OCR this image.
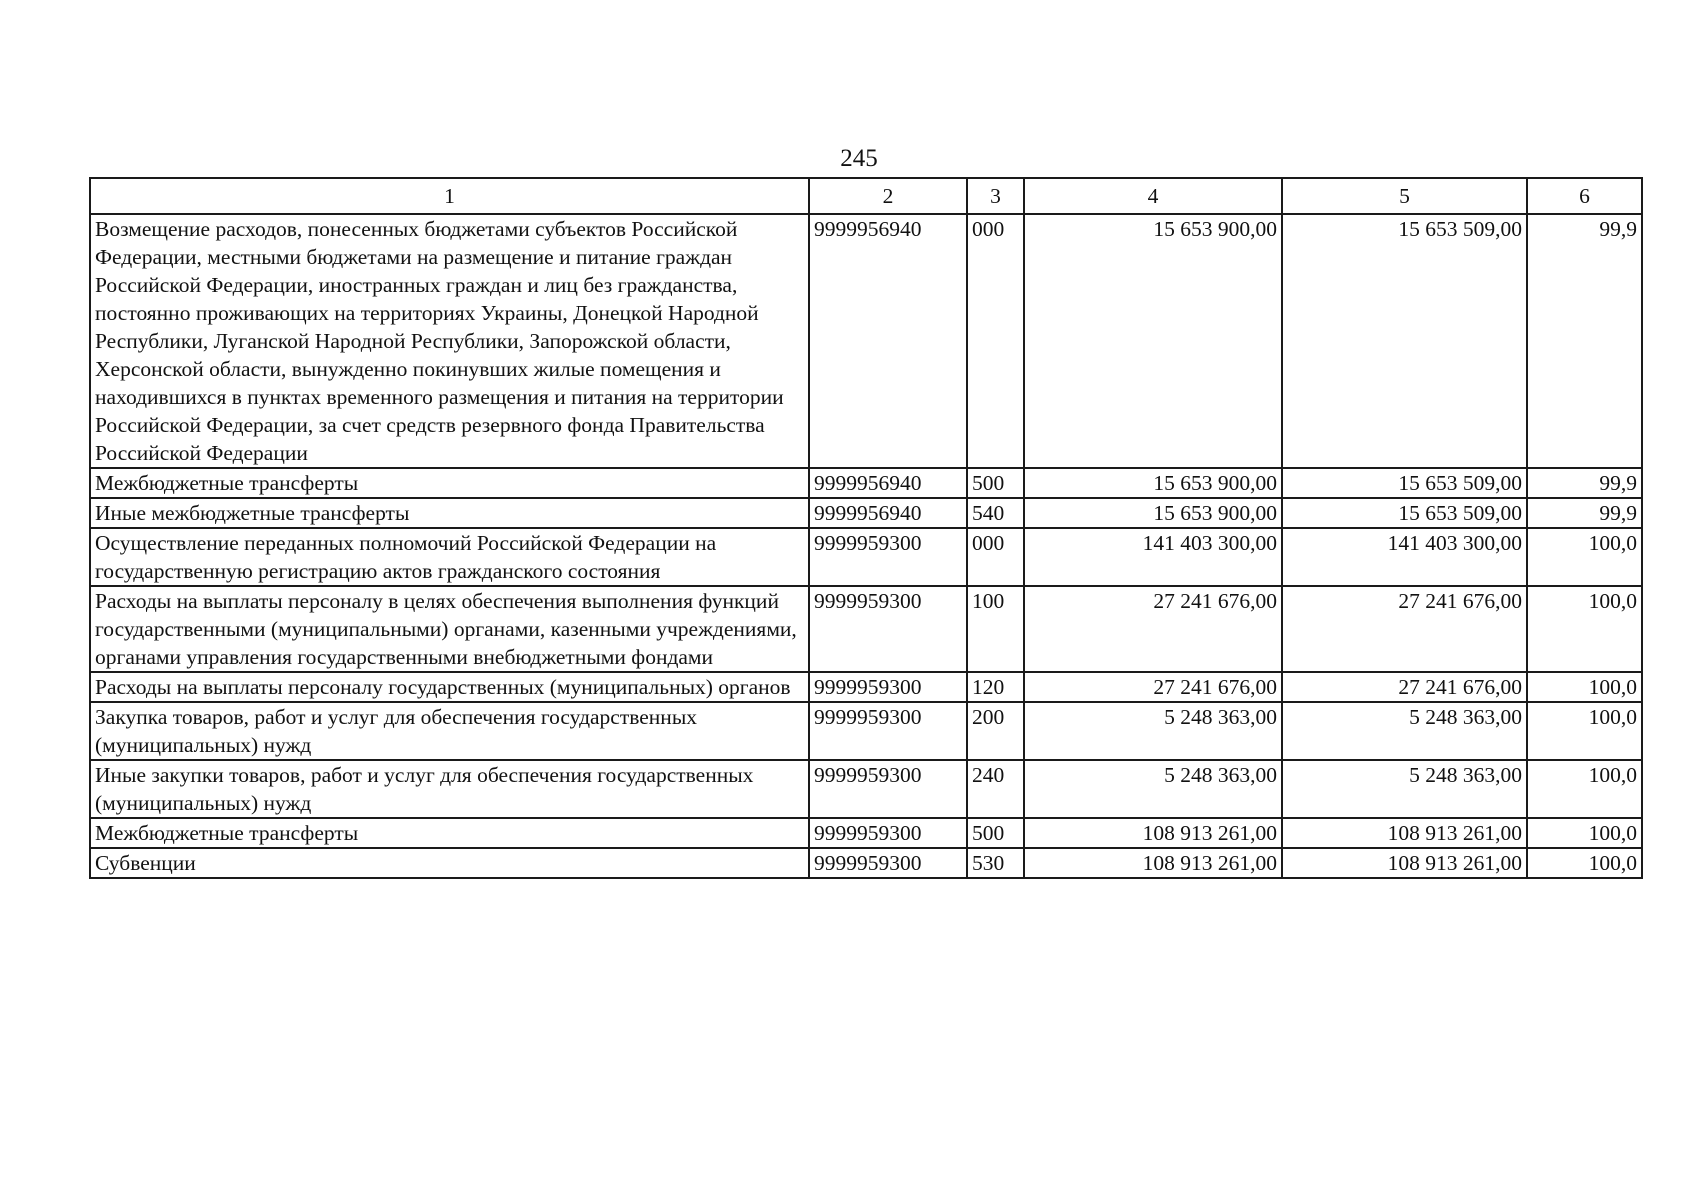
245
1	2	3	4	5	6
Возмещение расходов, понесенных бюджетами субъектов Российской Федерации, местными бюджетами на размещение и питание граждан Российской Федерации, иностранных граждан и лиц без гражданства, постоянно проживающих на территориях Украины, Донецкой Народной Республики, Луганской Народной Республики, Запорожской области, Херсонской области, вынужденно покинувших жилые помещения и находившихся в пунктах временного размещения и питания на территории Российской Федерации, за счет средств резервного фонда Правительства Российской Федерации	9999956940	000	15 653 900,00	15 653 509,00	99,9
Межбюджетные трансферты	9999956940	500	15 653 900,00	15 653 509,00	99,9
Иные межбюджетные трансферты	9999956940	540	15 653 900,00	15 653 509,00	99,9
Осуществление переданных полномочий Российской Федерации на государственную регистрацию актов гражданского состояния	9999959300	000	141 403 300,00	141 403 300,00	100,0
Расходы на выплаты персоналу в целях обеспечения выполнения функций государственными (муниципальными) органами, казенными учреждениями, органами управления государственными внебюджетными фондами	9999959300	100	27 241 676,00	27 241 676,00	100,0
Расходы на выплаты персоналу государственных (муниципальных) органов	9999959300	120	27 241 676,00	27 241 676,00	100,0
Закупка товаров, работ и услуг для обеспечения государственных (муниципальных) нужд	9999959300	200	5 248 363,00	5 248 363,00	100,0
Иные закупки товаров, работ и услуг для обеспечения государственных (муниципальных) нужд	9999959300	240	5 248 363,00	5 248 363,00	100,0
Межбюджетные трансферты	9999959300	500	108 913 261,00	108 913 261,00	100,0
Субвенции	9999959300	530	108 913 261,00	108 913 261,00	100,0
